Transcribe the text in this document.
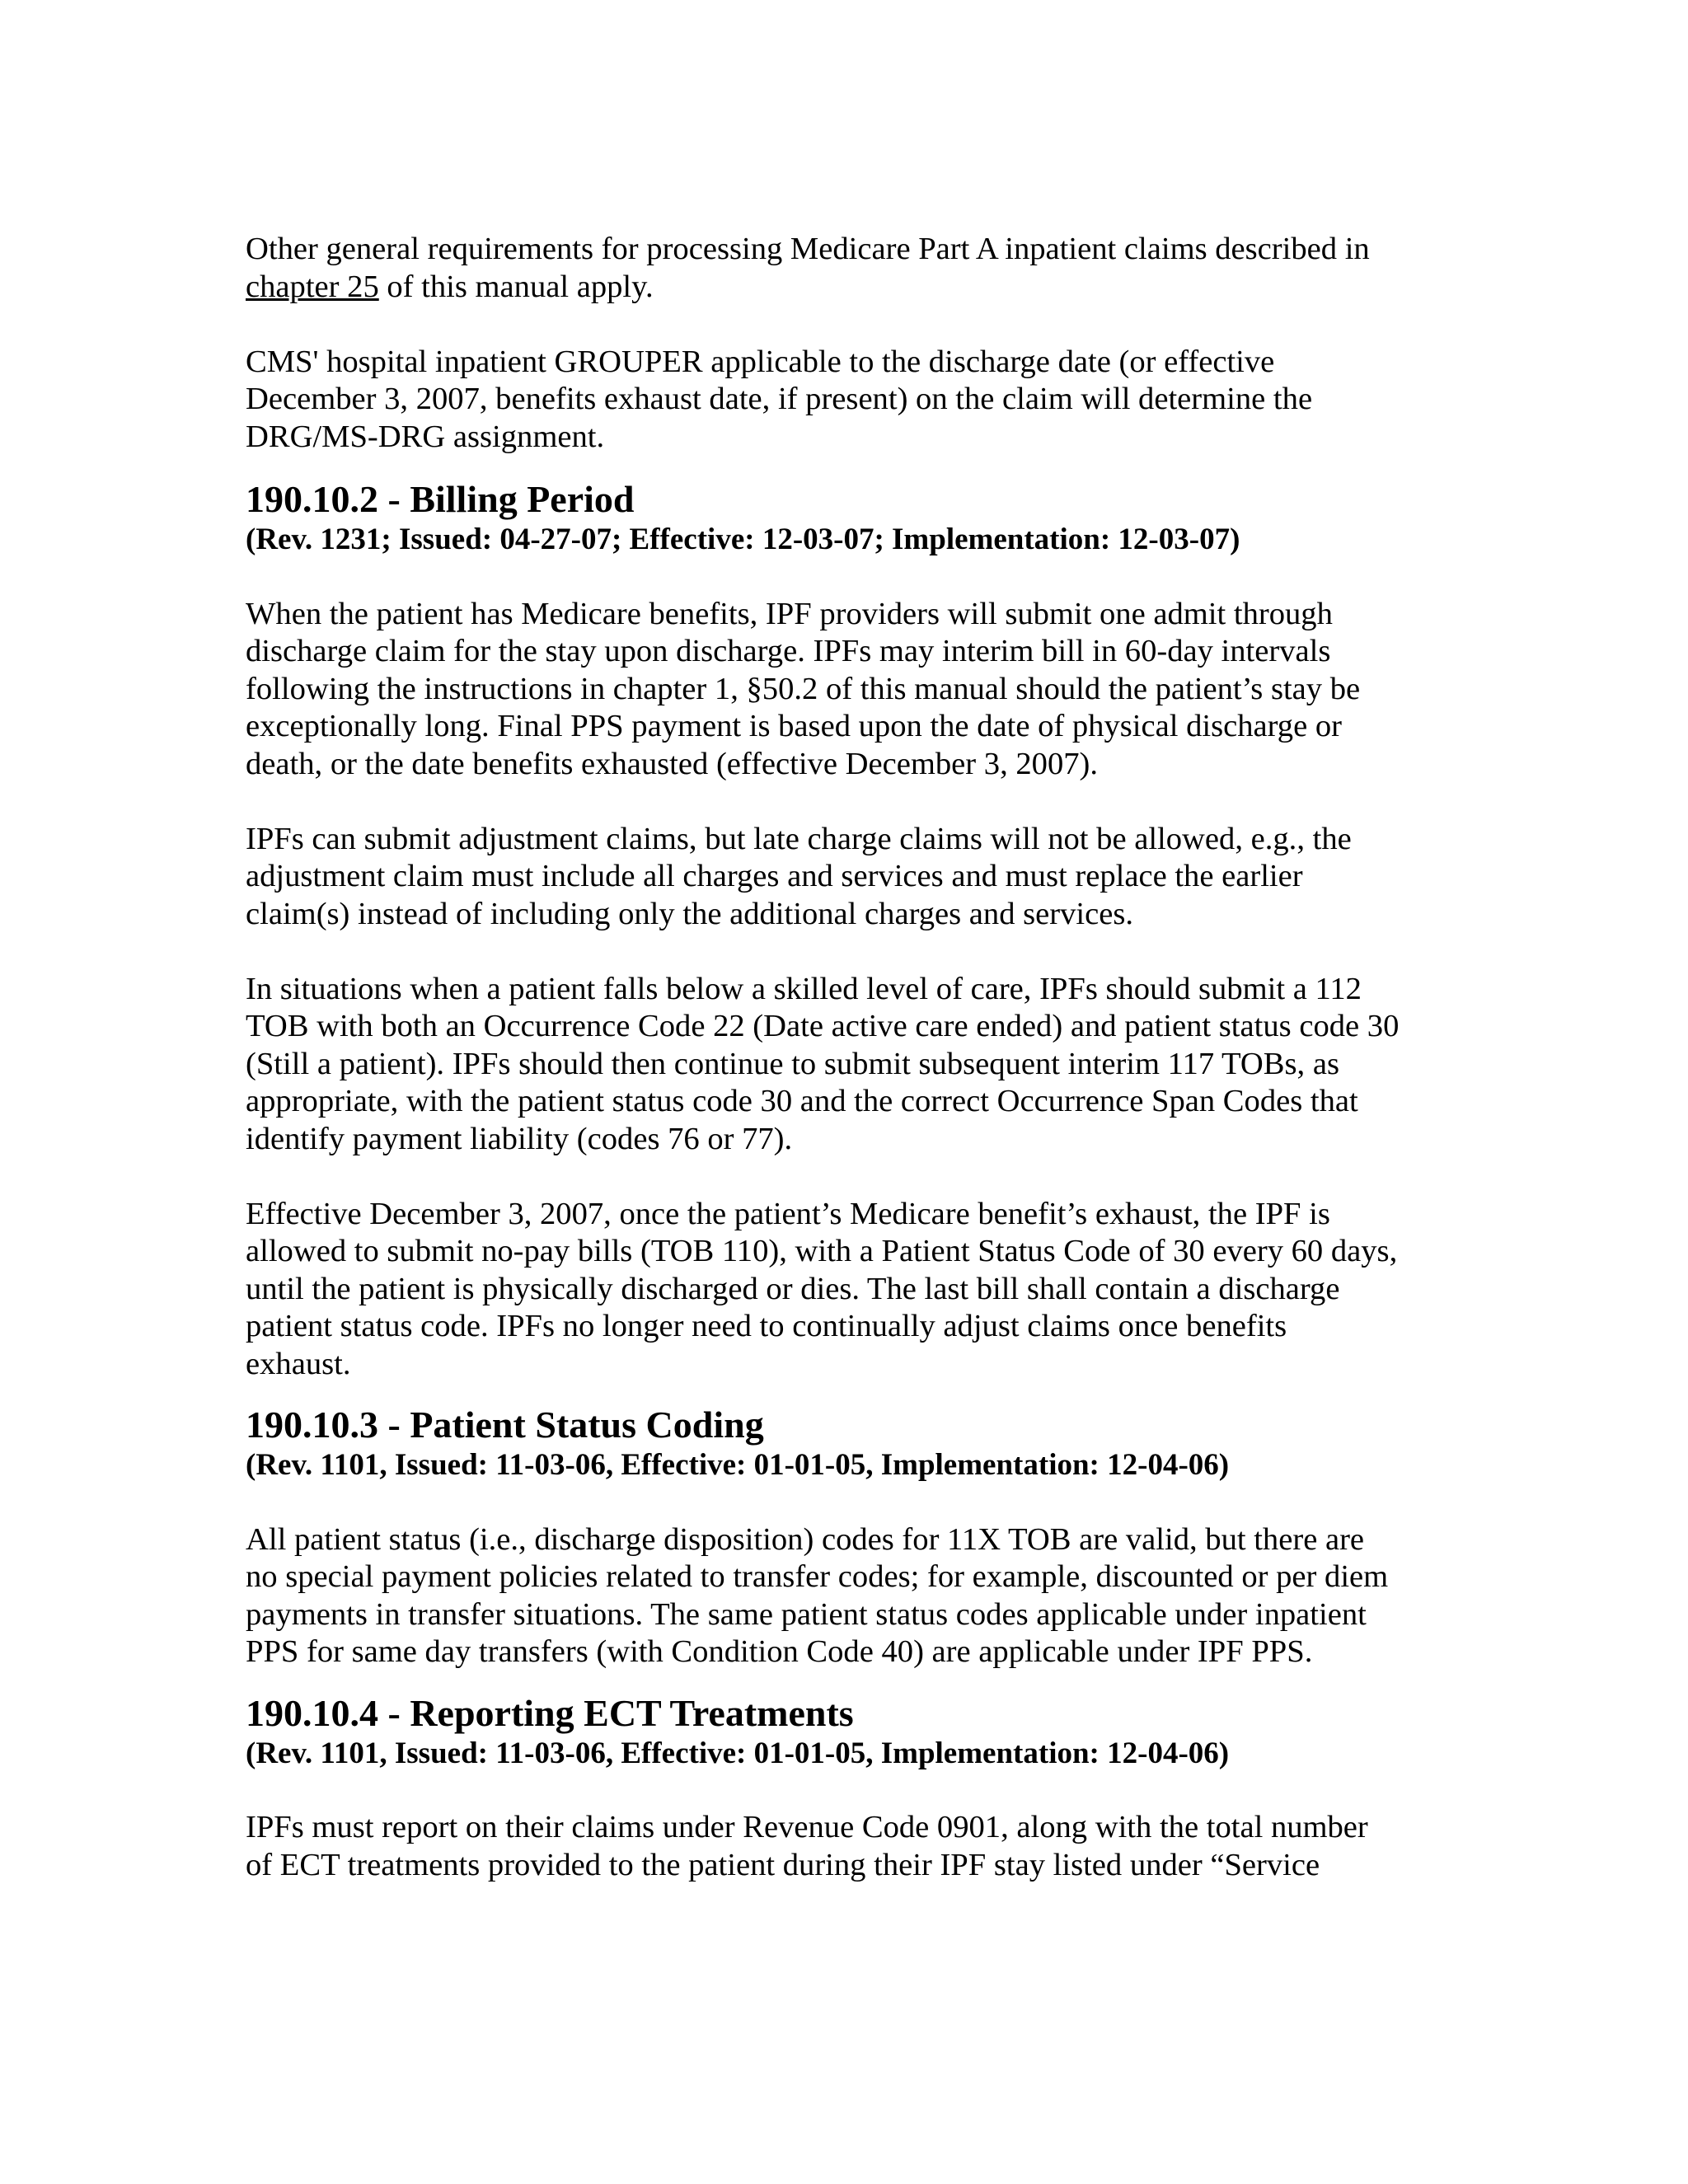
Other general requirements for processing Medicare Part A inpatient claims described in
chapter 25 of this manual apply.

CMS' hospital inpatient GROUPER applicable to the discharge date (or effective
December 3, 2007, benefits exhaust date, if present) on the claim will determine the
DRG/MS-DRG assignment.

190.10.2 - Billing Period
(Rev. 1231; Issued: 04-27-07; Effective: 12-03-07; Implementation: 12-03-07)

When the patient has Medicare benefits, IPF providers will submit one admit through
discharge claim for the stay upon discharge. IPFs may interim bill in 60-day intervals
following the instructions in chapter 1, §50.2 of this manual should the patient’s stay be
exceptionally long. Final PPS payment is based upon the date of physical discharge or
death, or the date benefits exhausted (effective December 3, 2007).

IPFs can submit adjustment claims, but late charge claims will not be allowed, e.g., the
adjustment claim must include all charges and services and must replace the earlier
claim(s) instead of including only the additional charges and services.

In situations when a patient falls below a skilled level of care, IPFs should submit a 112
TOB with both an Occurrence Code 22 (Date active care ended) and patient status code 30
(Still a patient). IPFs should then continue to submit subsequent interim 117 TOBs, as
appropriate, with the patient status code 30 and the correct Occurrence Span Codes that
identify payment liability (codes 76 or 77).

Effective December 3, 2007, once the patient’s Medicare benefit’s exhaust, the IPF is
allowed to submit no-pay bills (TOB 110), with a Patient Status Code of 30 every 60 days,
until the patient is physically discharged or dies. The last bill shall contain a discharge
patient status code. IPFs no longer need to continually adjust claims once benefits
exhaust.

190.10.3 - Patient Status Coding
(Rev. 1101, Issued: 11-03-06, Effective: 01-01-05, Implementation: 12-04-06)

All patient status (i.e., discharge disposition) codes for 11X TOB are valid, but there are
no special payment policies related to transfer codes; for example, discounted or per diem
payments in transfer situations. The same patient status codes applicable under inpatient
PPS for same day transfers (with Condition Code 40) are applicable under IPF PPS.

190.10.4 - Reporting ECT Treatments
(Rev. 1101, Issued: 11-03-06, Effective: 01-01-05, Implementation: 12-04-06)

IPFs must report on their claims under Revenue Code 0901, along with the total number
of ECT treatments provided to the patient during their IPF stay listed under “Service
